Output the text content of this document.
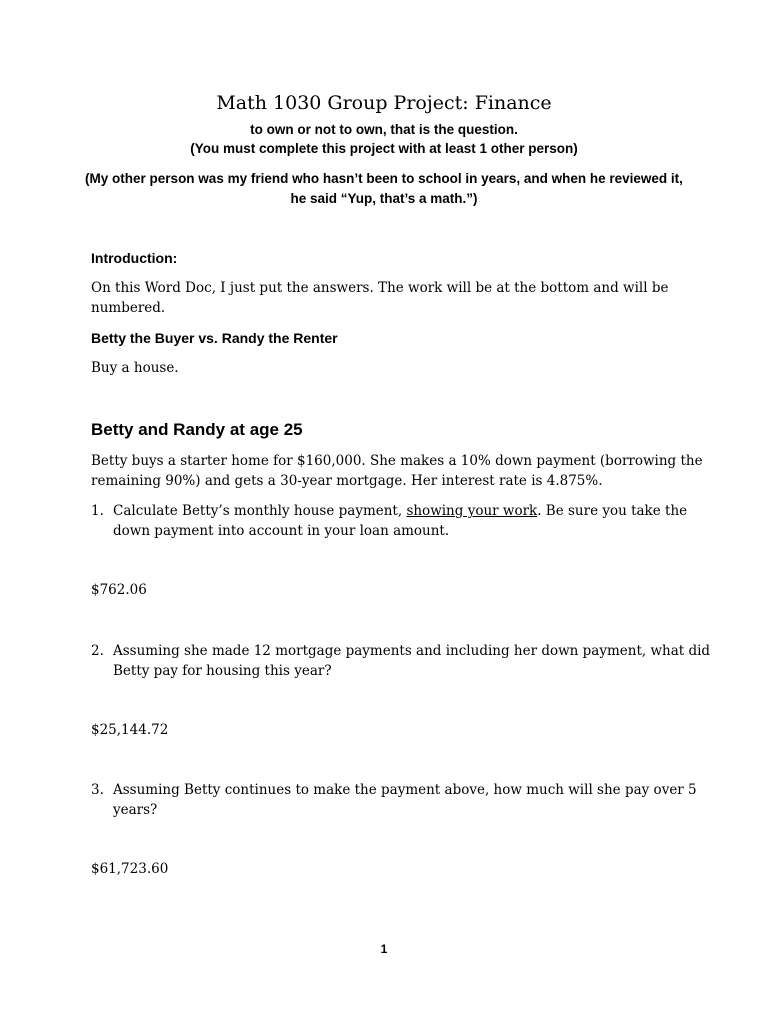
Math 1030 Group Project: Finance
to own or not to own, that is the question.
(You must complete this project with at least 1 other person)
(My other person was my friend who hasn’t been to school in years, and when he reviewed it,
he said “Yup, that’s a math.”)
Introduction:
On this Word Doc, I just put the answers. The work will be at the bottom and will be
numbered.
Betty the Buyer vs. Randy the Renter
Buy a house.
Betty and Randy at age 25
Betty buys a starter home for $160,000. She makes a 10% down payment (borrowing the
remaining 90%) and gets a 30-year mortgage. Her interest rate is 4.875%.
1. Calculate Betty’s monthly house payment, showing your work. Be sure you take the
down payment into account in your loan amount.
$762.06
2. Assuming she made 12 mortgage payments and including her down payment, what did
Betty pay for housing this year?
$25,144.72
3. Assuming Betty continues to make the payment above, how much will she pay over 5
years?
$61,723.60
1
